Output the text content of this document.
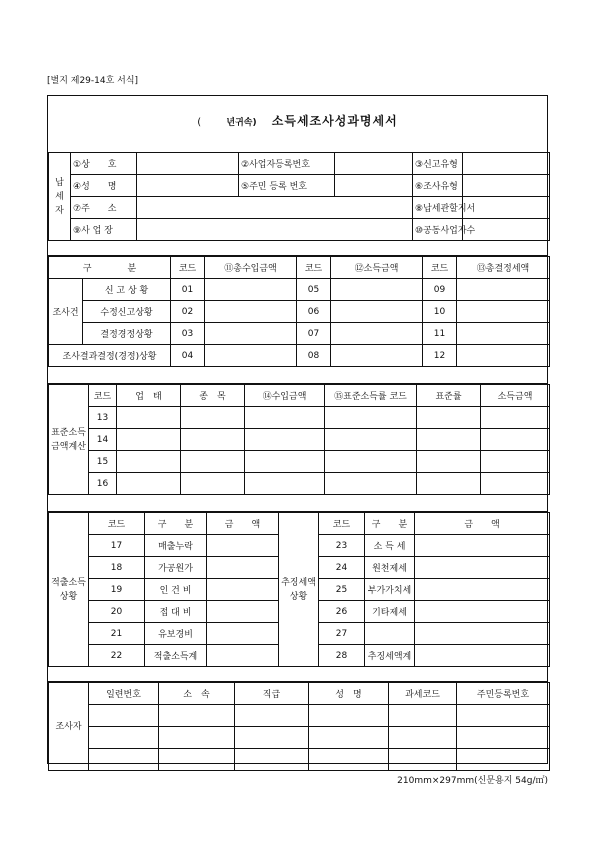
[별지 제29-14호 서식]
(	년귀속) 소득세조사성과명세서
납세자	①상　　호		②사업자등록번호		③신고유형	
	④성　　명		⑤주민 등록 번호		⑥조사유형	
	⑦주　　소				⑧납세관할지서	
	⑨사 업 장				⑩공동사업자수	
구　　　　분		코드	⑪총수입금액	코드	⑫소득금액	코드	⑬총결정세액
조사건	신 고 상 황	01		05		09	
	수정신고상황	02		06		10	
	결정경정상황	03		07		11	
조사결과결정(경정)상황		04		08		12	
표준소득금액계산	코드	업　태	종　목	⑭수입금액	⑮표준소득률 코드	표준률	소득금액
	13						
	14						
	15						
	16						
적출소득상황	코드	구　　분	금　　액	추징세액상황	코드	구　　분	금　　액
	17	매출누락			23	소 득 세	
	18	가공원가			24	원천제세	
	19	인 건 비			25	부가가치세	
	20	접 대 비			26	기타제세	
	21	유보경비			27		
	22	적출소득계			28	추징세액계	
조사자	일련번호	소　속	직급	성　명	과세코드	주민등록번호

210mm×297mm(신문용지 54g/㎡)
